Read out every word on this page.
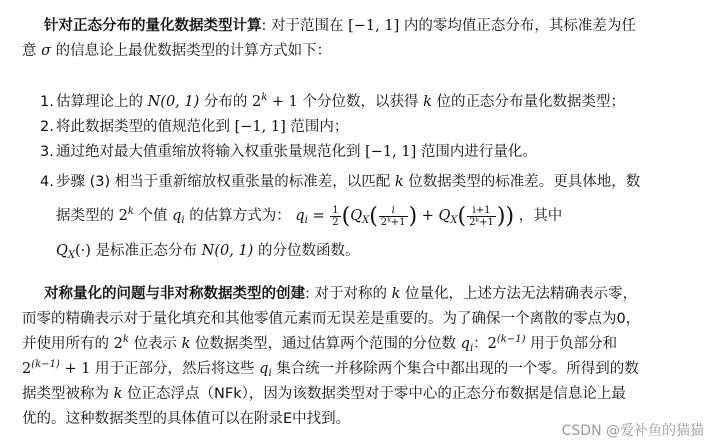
针对正态分布的量化数据类型计算: 对于范围在 [−1, 1] 内的零均值正态分布，其标准差为任
意 σ 的信息论上最优数据类型的计算方式如下：

1. 估算理论上的 N(0, 1) 分布的 $2^k + 1$ 个分位数，以获得 k 位的正态分布量化数据类型；
2. 将此数据类型的值规范化到 [−1, 1] 范围内；
3. 通过绝对最大值重缩放将输入权重张量规范化到 [−1, 1] 范围内进行量化。
4. 步骤 (3) 相当于重新缩放权重张量的标准差，以匹配 k 位数据类型的标准差。更具体地，数
据类型的 2$^k$ 个值 $q_i$ 的估算方式为： $q_i = \frac{1}{2} (Q_X( \frac{i}{\text{2ᵏ+1}}$ ) + $Q_X( \frac{i+1}{\text{2ᵏ+1}}$ )) ，其中
$Q_X(\cdot)$ 是标准正态分布 N(0, 1) 的分位数函数。

对称量化的问题与非对称数据类型的创建: 对于对称的 k 位量化，上述方法无法精确表示零，
而零的精确表示对于量化填充和其他零值元素而无误差是重要的。为了确保一个离散的零点为0，
并使用所有的 2$^k$ 位表示 k 位数据类型，通过估算两个范围的分位数 $q_i$：$2^{(k-1)}$ 用于负部分和
$2^{(k-1)} + 1$ 用于正部分，然后将这些 $q_i$ 集合统一并移除两个集合中都出现的一个零。所得到的数
据类型被称为 k 位正态浮点（NFk），因为该数据类型对于零中心的正态分布数据是信息论上最
优的。这种数据类型的具体值可以在附录E中找到。

CSDN @爱补鱼的猫猫
